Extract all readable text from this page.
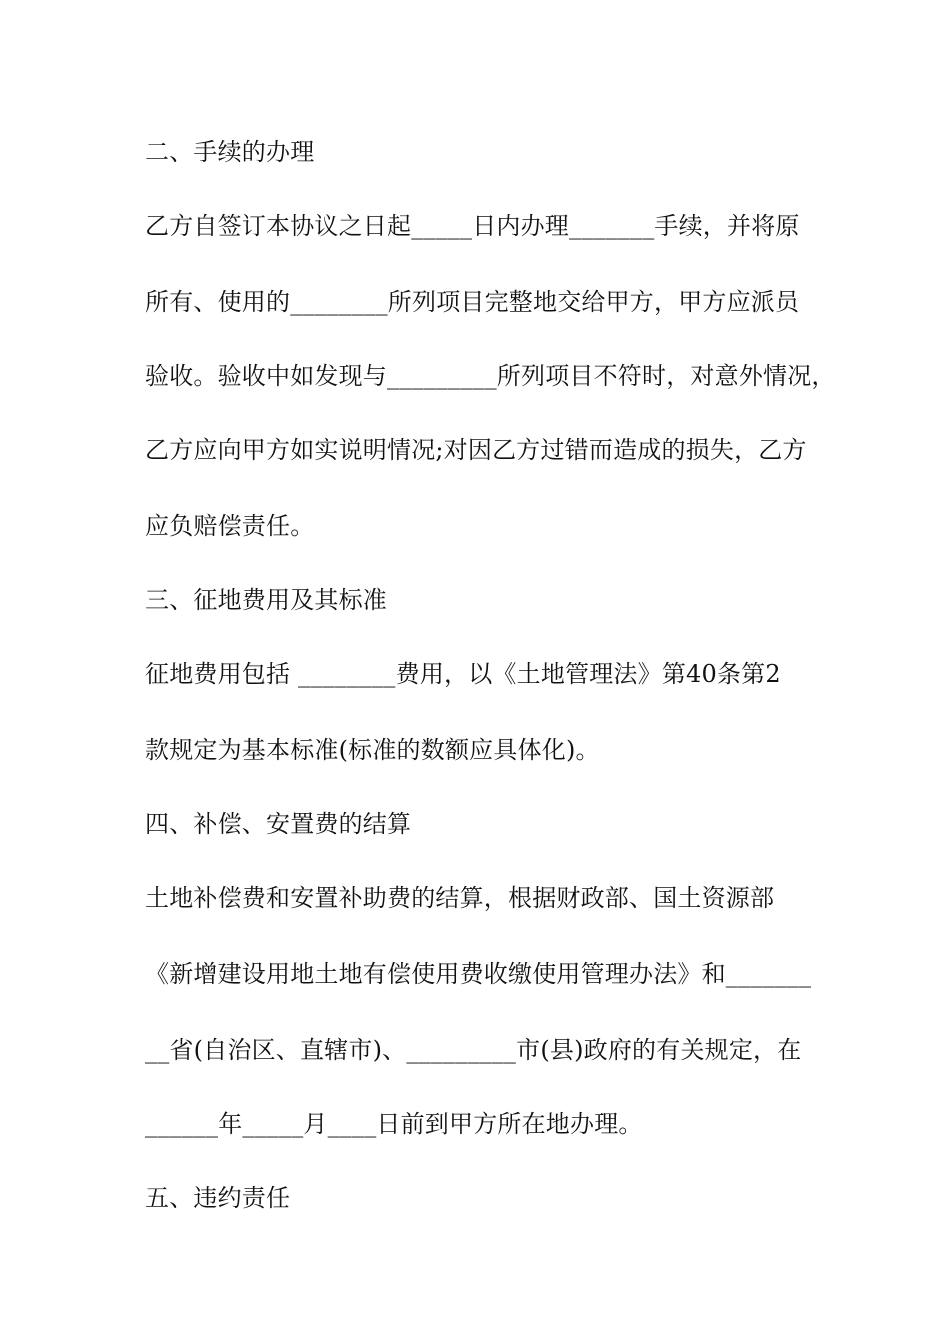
二、手续的办理
乙方自签订本协议之日起_____日内办理_______手续，并将原
所有、使用的________所列项目完整地交给甲方，甲方应派员
验收。验收中如发现与_________所列项目不符时，对意外情况，
乙方应向甲方如实说明情况;对因乙方过错而造成的损失，乙方
应负赔偿责任。
三、征地费用及其标准
征地费用包括 ________费用，以《土地管理法》第40条第2
款规定为基本标准(标准的数额应具体化)。
四、补偿、安置费的结算
土地补偿费和安置补助费的结算，根据财政部、国土资源部
《新增建设用地土地有偿使用费收缴使用管理办法》和_______
__省(自治区、直辖市)、_________市(县)政府的有关规定，在
______年_____月____日前到甲方所在地办理。
五、违约责任
